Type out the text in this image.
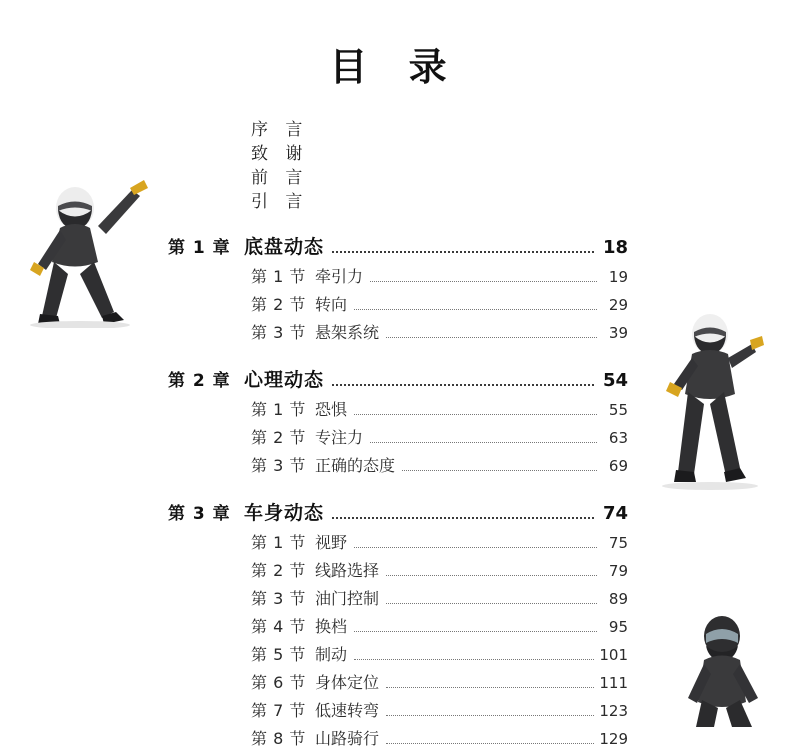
目 录
序 言
致 谢
前 言
引 言
第 1 章 底盘动态	18
第 1 节 牵引力	19
第 2 节 转向	29
第 3 节 悬架系统	39
第 2 章 心理动态	54
第 1 节 恐惧	55
第 2 节 专注力	63
第 3 节 正确的态度	69
第 3 章 车身动态	74
第 1 节 视野	75
第 2 节 线路选择	79
第 3 节 油门控制	89
第 4 节 换档	95
第 5 节 制动	101
第 6 节 身体定位	111
第 7 节 低速转弯	123
第 8 节 山路骑行	129
